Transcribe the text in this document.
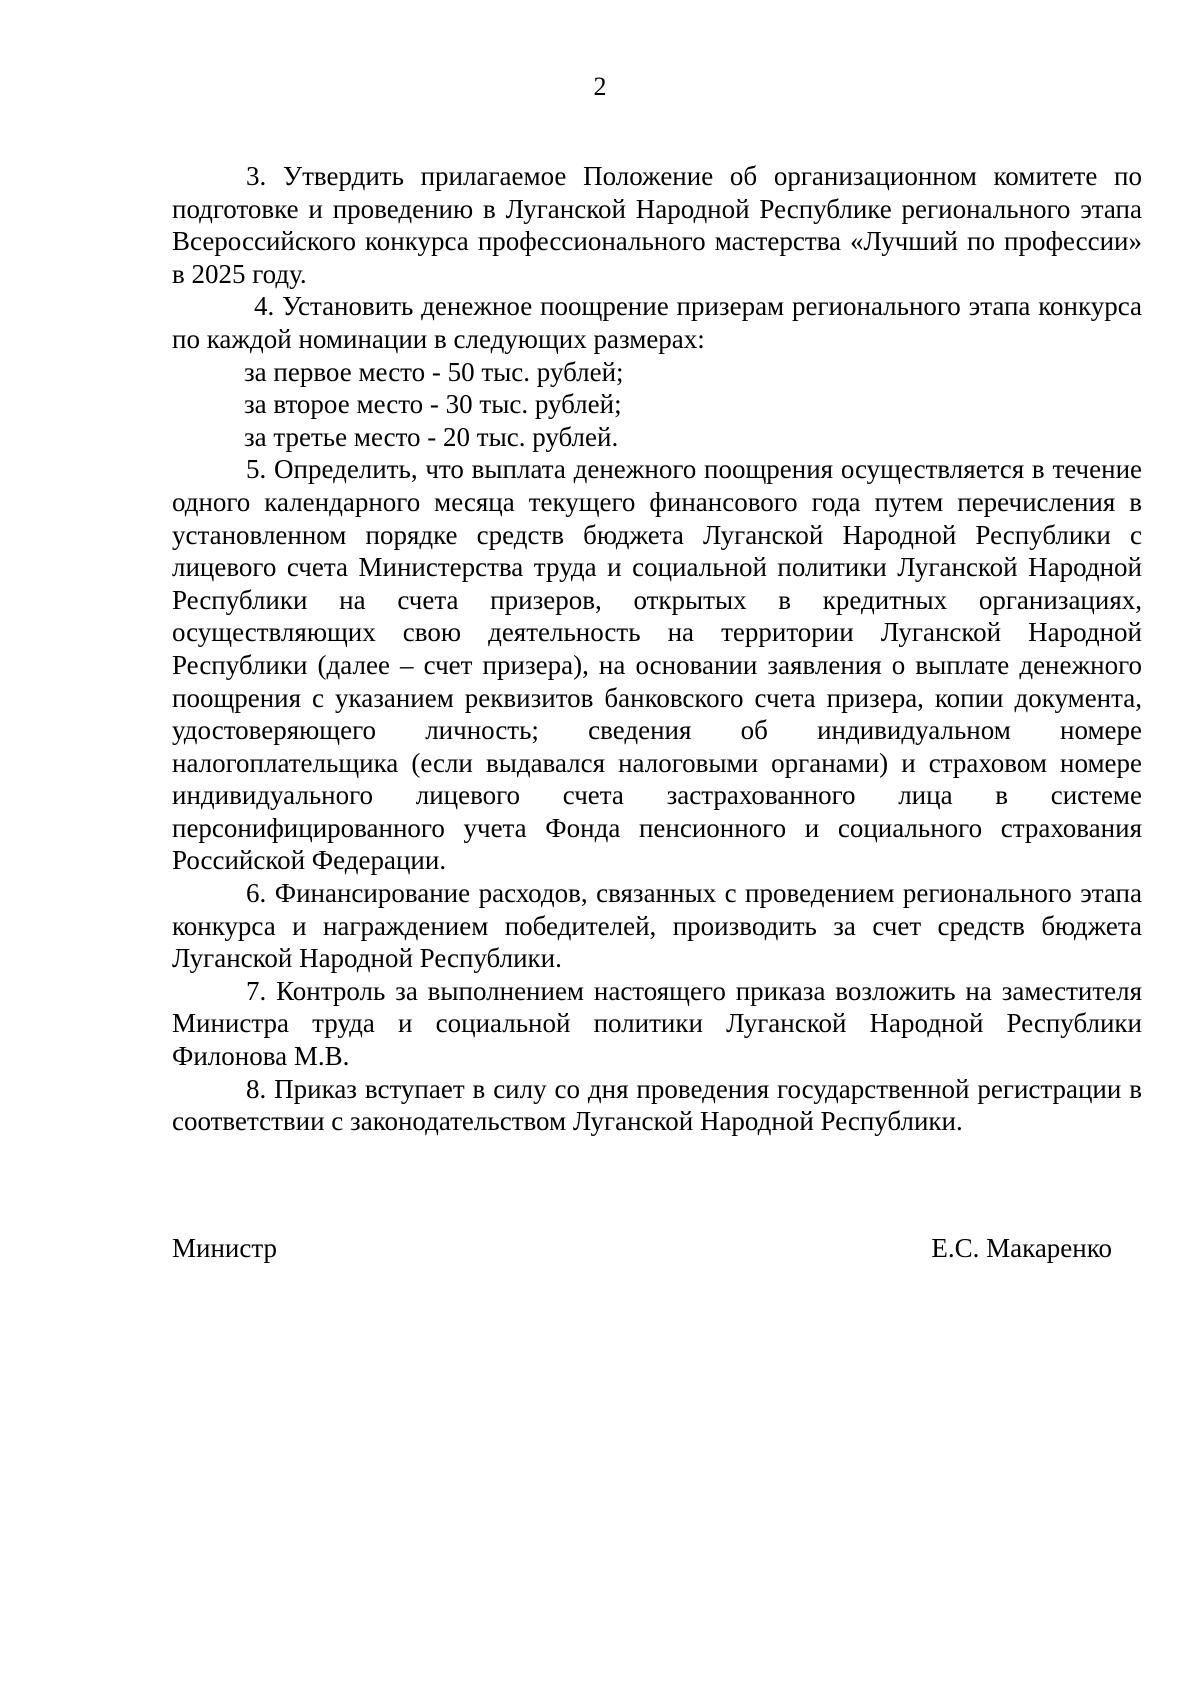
2

3. Утвердить прилагаемое Положение об организационном комитете по подготовке и проведению в Луганской Народной Республике регионального этапа Всероссийского конкурса профессионального мастерства «Лучший по профессии» в 2025 году.

4. Установить денежное поощрение призерам регионального этапа конкурса по каждой номинации в следующих размерах:

за первое место - 50 тыс. рублей;

за второе место - 30 тыс. рублей;

за третье место - 20 тыс. рублей.

5. Определить, что выплата денежного поощрения осуществляется в течение одного календарного месяца текущего финансового года путем перечисления в установленном порядке средств бюджета Луганской Народной Республики с лицевого счета Министерства труда и социальной политики Луганской Народной Республики на счета призеров, открытых в кредитных организациях, осуществляющих свою деятельность на территории Луганской Народной Республики (далее – счет призера), на основании заявления о выплате денежного поощрения с указанием реквизитов банковского счета призера, копии документа, удостоверяющего личность; сведения об индивидуальном номере налогоплательщика (если выдавался налоговыми органами) и страховом номере индивидуального лицевого счета застрахованного лица в системе персонифицированного учета Фонда пенсионного и социального страхования Российской Федерации.

6. Финансирование расходов, связанных с проведением регионального этапа конкурса и награждением победителей, производить за счет средств бюджета Луганской Народной Республики.

7. Контроль за выполнением настоящего приказа возложить на заместителя Министра труда и социальной политики Луганской Народной Республики Филонова М.В.

8. Приказ вступает в силу со дня проведения государственной регистрации в соответствии с законодательством Луганской Народной Республики.

Министр	Е.С. Макаренко
